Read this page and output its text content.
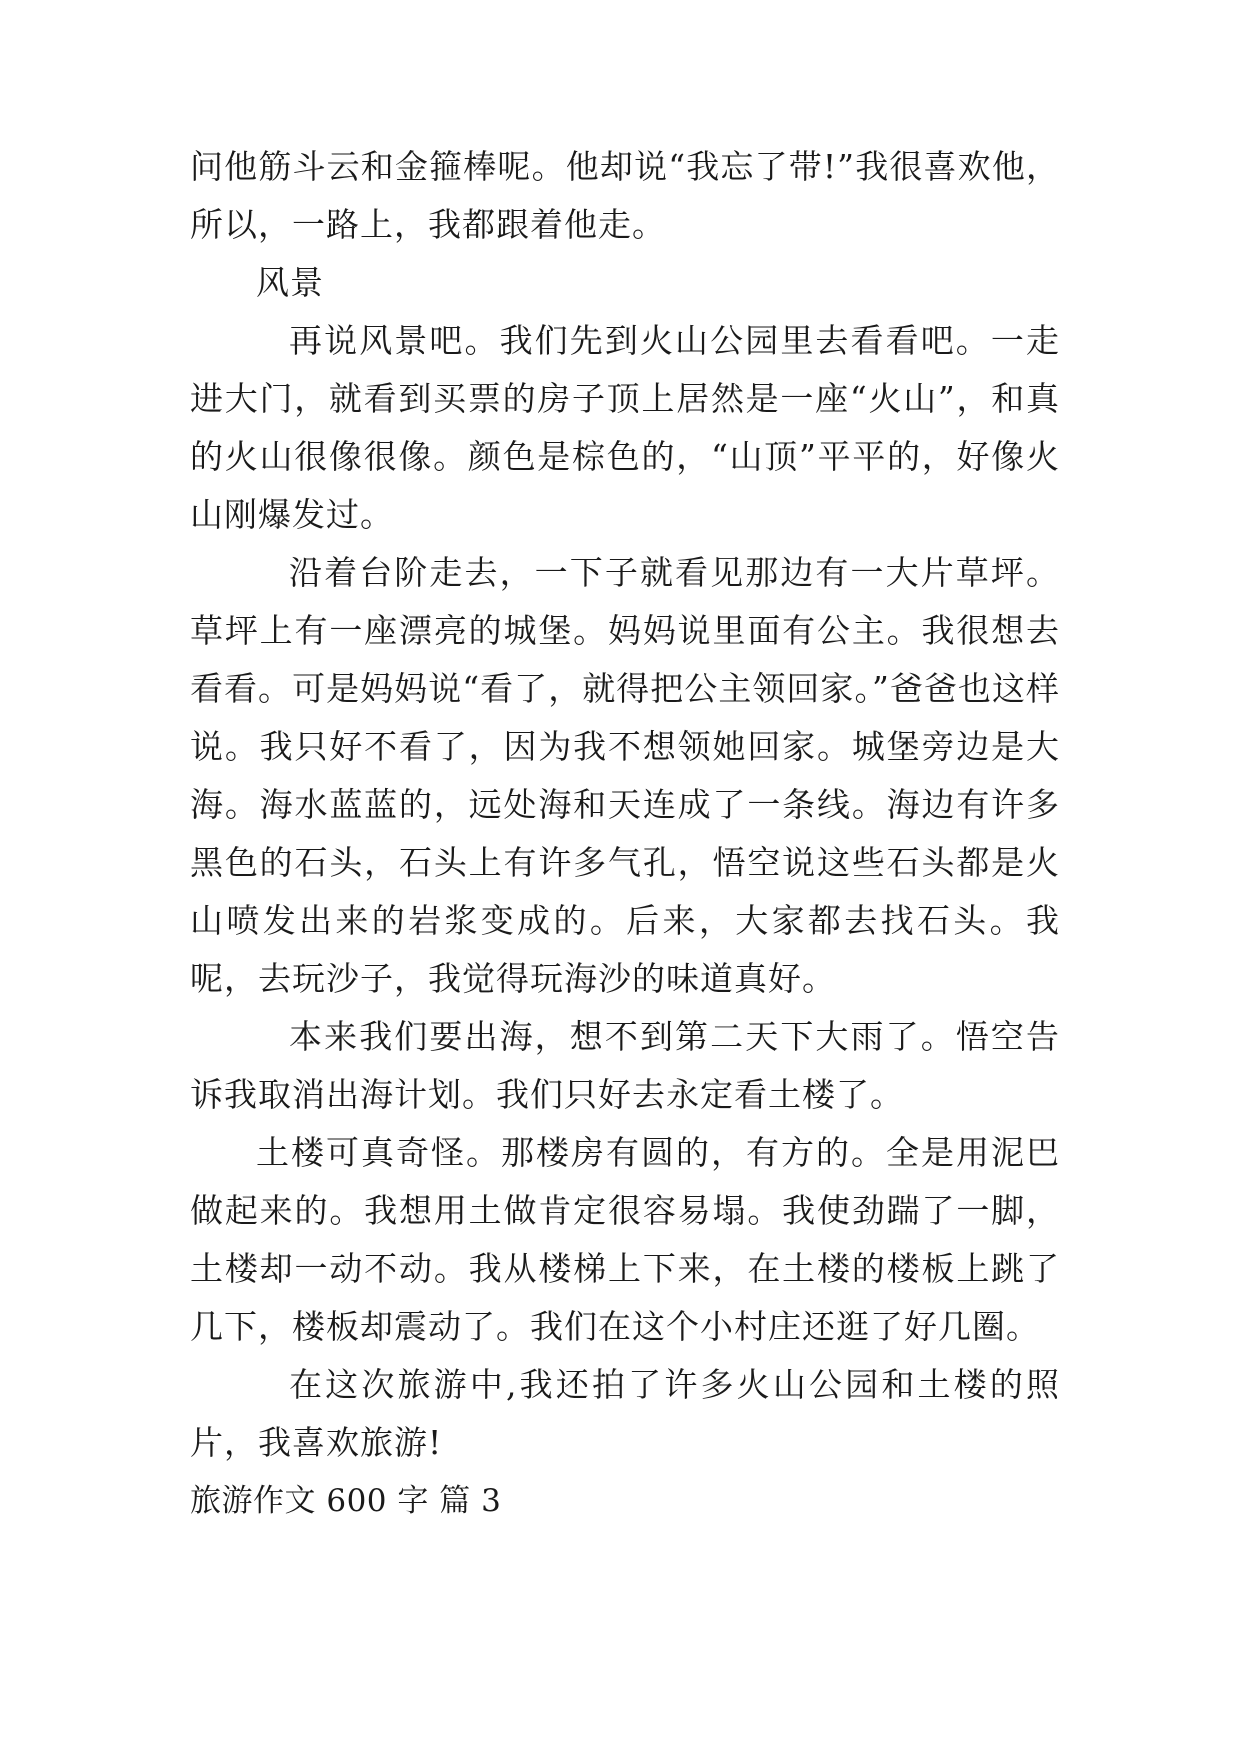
问他筋斗云和金箍棒呢。他却说“我忘了带!”我很喜欢他，所以，一路上，我都跟着他走。

风景

再说风景吧。我们先到火山公园里去看看吧。一走进大门，就看到买票的房子顶上居然是一座“火山”，和真的火山很像很像。颜色是棕色的，“山顶”平平的，好像火山刚爆发过。

沿着台阶走去，一下子就看见那边有一大片草坪。草坪上有一座漂亮的城堡。妈妈说里面有公主。我很想去看看。可是妈妈说“看了，就得把公主领回家。”爸爸也这样说。我只好不看了，因为我不想领她回家。城堡旁边是大海。海水蓝蓝的，远处海和天连成了一条线。海边有许多黑色的石头，石头上有许多气孔，悟空说这些石头都是火山喷发出来的岩浆变成的。后来，大家都去找石头。我呢，去玩沙子，我觉得玩海沙的味道真好。

本来我们要出海，想不到第二天下大雨了。悟空告诉我取消出海计划。我们只好去永定看土楼了。

土楼可真奇怪。那楼房有圆的，有方的。全是用泥巴做起来的。我想用土做肯定很容易塌。我使劲踹了一脚，土楼却一动不动。我从楼梯上下来，在土楼的楼板上跳了几下，楼板却震动了。我们在这个小村庄还逛了好几圈。

在这次旅游中,我还拍了许多火山公园和土楼的照片，我喜欢旅游!

旅游作文 600 字 篇 3
